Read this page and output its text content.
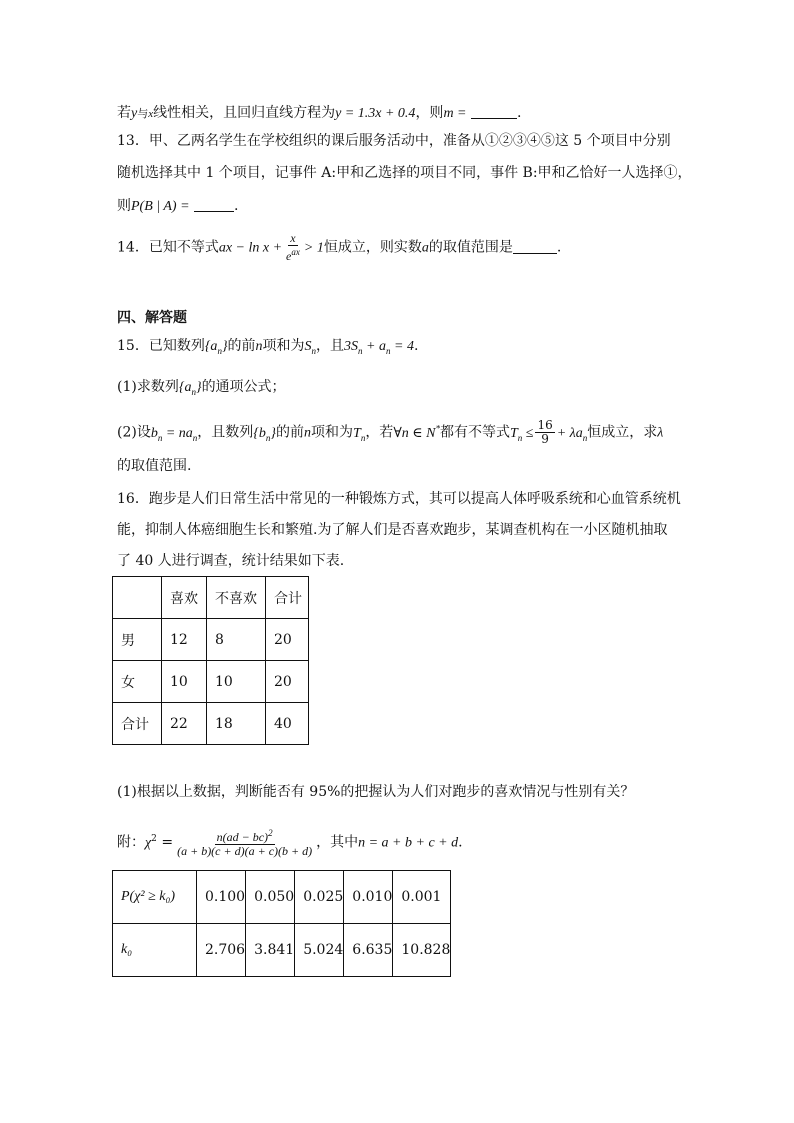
若y与x线性相关，且回归直线方程为y = 1.3x + 0.4，则m =	.
13．甲、乙两名学生在学校组织的课后服务活动中，准备从①②③④⑤这 5 个项目中分别
随机选择其中 1 个项目，记事件 A:甲和乙选择的项目不同，事件 B:甲和乙恰好一人选择①，
则P(B | A) =	.
14．已知不等式ax − $\ln x + \frac{x}{e^{ax}} > 1$恒成立，则实数a的取值范围是	.
四、解答题
15．已知数列$\{a_n\}$的前n项和为$S_n$，且$3S_n + a_n = 4$.
(1)求数列$\{a_n\}$的通项公式；
(2)设$b_n = na_n$，且数列$\{b_n\}$的前n项和为$T_n$，若∀n ∈ N*都有不等式$T_n \le \frac{16}{9} + \lambda a_n$恒成立，求λ
的取值范围.
16．跑步是人们日常生活中常见的一种锻炼方式，其可以提高人体呼吸系统和心血管系统机
能，抑制人体癌细胞生长和繁殖.为了解人们是否喜欢跑步，某调查机构在一小区随机抽取
了 40 人进行调查，统计结果如下表.
	喜欢	不喜欢	合计
男	12	8	20
女	10	10	20
合计	22	18	40
(1)根据以上数据，判断能否有 95%的把握认为人们对跑步的喜欢情况与性别有关？
附：$\chi^2 = \frac{n(ad - bc)^2}{(a + b)(c + d)(a + c)(b + d)}$ ，其中n = a + b + c + d.
P(χ² ≥ k₀)	0.100	0.050	0.025	0.010	0.001
k₀	2.706	3.841	5.024	6.635	10.828
